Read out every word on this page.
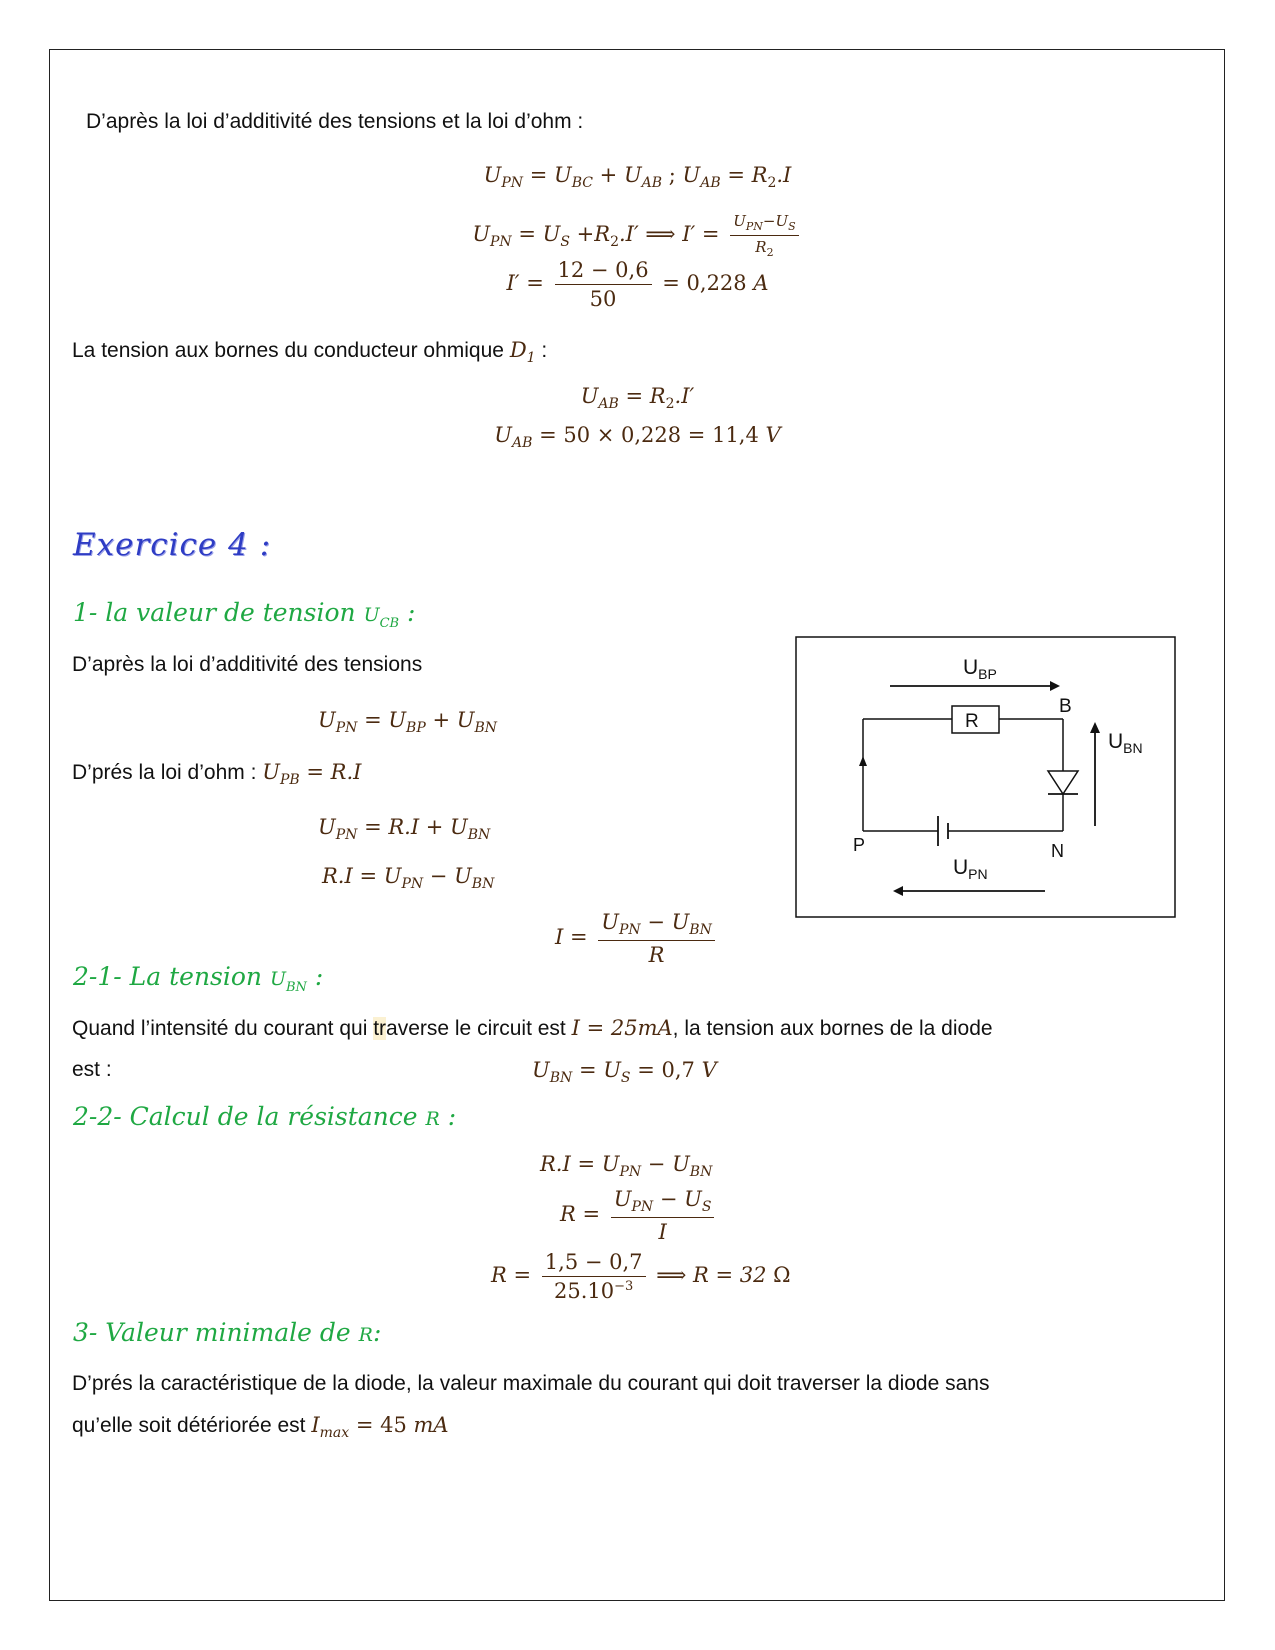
D’après la loi d’additivité des tensions et la loi d’ohm :
$U_{PN} = U_{BC} + U_{AB}$ ; $U_{AB} = R_2.I$
$U_{PN} = U_S +R_2.I'$ ⟹ $I' = \frac{U_{PN}-U_S}{R_2}$
$I' = \frac{12 - 0,6}{50} = 0,228$ A
La tension aux bornes du conducteur ohmique $D_1$ :
$U_{AB} = R_2.I'$
$U_{AB} = 50 \times 0,228 = 11,4$ V
Exercice 4 :
1- la valeur de tension $U_{CB}$ :
D’après la loi d’additivité des tensions
$U_{PN} = U_{BP} + U_{BN}$
D’prés la loi d’ohm : $U_{PB} = R.I$
$U_{PN} = R.I + U_{BN}$
$R.I = U_{PN} - U_{BN}$
$I = \frac{U_{PN} - U_{BN}}{R}$
2-1- La tension $U_{BN}$ :
Quand l’intensité du courant qui traverse le circuit est I = 25mA, la tension aux bornes de la diode
est :	$U_{BN} = U_S = 0,7$ V
2-2- Calcul de la résistance R :
$R.I = U_{PN} - U_{BN}$
$R = \frac{U_{PN} - U_S}{I}$
$R = \frac{1,5 - 0,7}{25.10^{-3}}$ ⟹ R = 32 Ω
3- Valeur minimale de R:
D’prés la caractéristique de la diode, la valeur maximale du courant qui doit traverser la diode sans
qu’elle soit détériorée est $I_{max} = 45$ mA
$U_{BP}$
R
B
$U_{BN}$
P	N
$U_{PN}$
